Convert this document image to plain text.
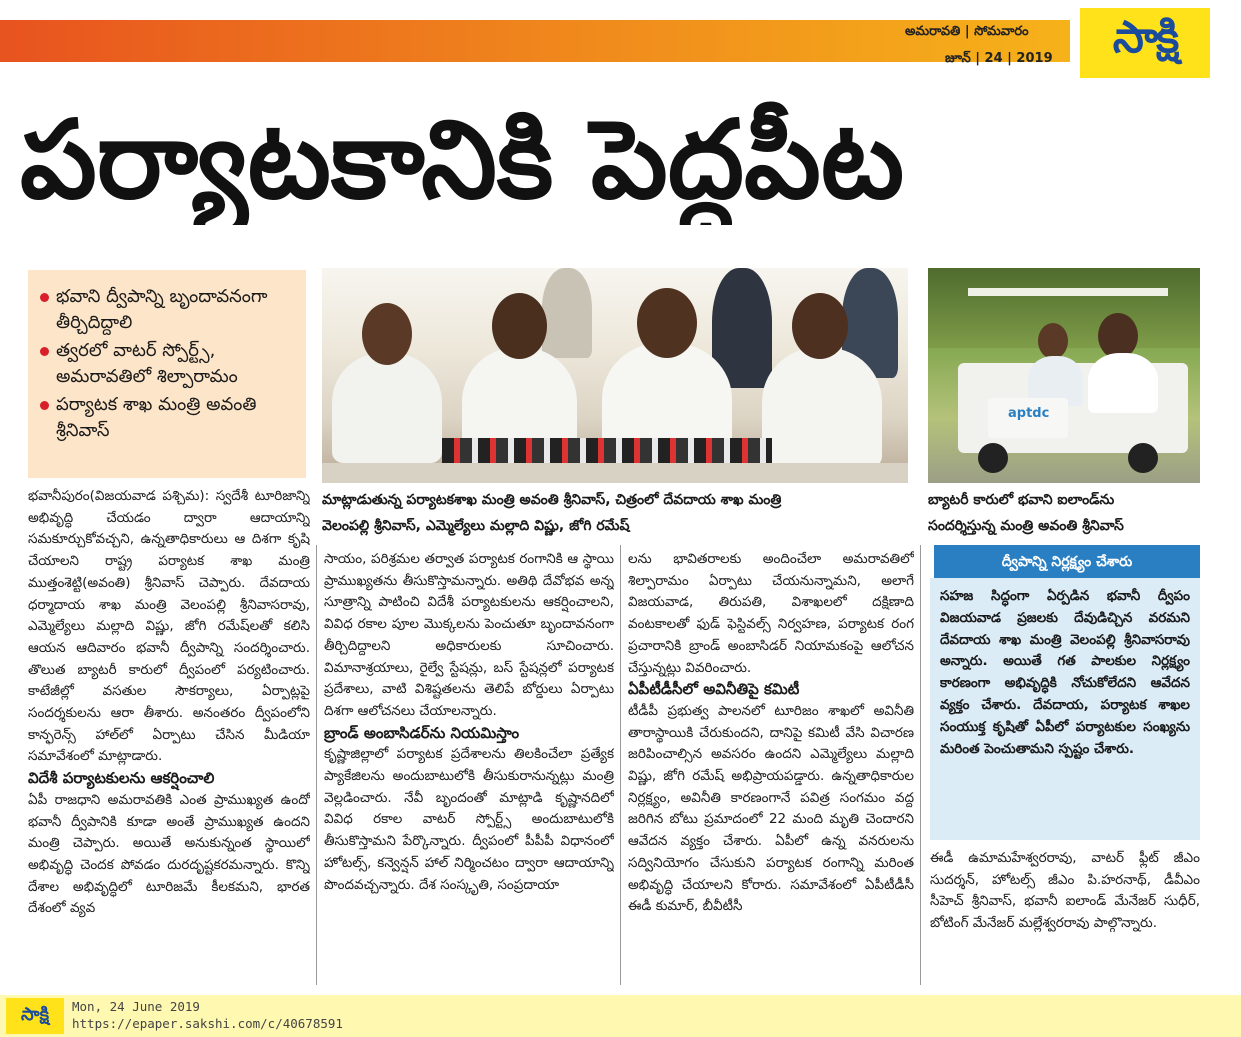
అమరావతి | సోమవారం
జూన్ | 24 | 2019	సాక్షి
పర్యాటకానికి పెద్దపీట
భవాని ద్వీపాన్ని బృందావనంగా తీర్చిదిద్దాలి
త్వరలో వాటర్ స్పోర్ట్స్, అమరావతిలో శిల్పారామం
పర్యాటక శాఖ మంత్రి అవంతి శ్రీనివాస్
aptdc
మాట్లాడుతున్న పర్యాటకశాఖ మంత్రి అవంతి శ్రీనివాస్, చిత్రంలో దేవదాయ శాఖ మంత్రి
వెలంపల్లి శ్రీనివాస్, ఎమ్మెల్యేలు మల్లాది విష్ణు, జోగి రమేష్
బ్యాటరీ కారులో భవాని ఐలాండ్‌ను
సందర్శిస్తున్న మంత్రి అవంతి శ్రీనివాస్

భవానీపురం(విజయవాడ పశ్చిమ): స్వదేశీ టూరిజాన్ని అభివృద్ధి చేయడం ద్వారా ఆదాయాన్ని సమకూర్చుకోవచ్చని, ఉన్నతాధికారులు ఆ దిశగా కృషి చేయాలని రాష్ట్ర పర్యాటక శాఖ మంత్రి ముత్తంశెట్టి(అవంతి) శ్రీనివాస్ చెప్పారు. దేవదాయ ధర్మాదాయ శాఖ మంత్రి వెలంపల్లి శ్రీనివాసరావు, ఎమ్మెల్యేలు మల్లాది విష్ణు, జోగి రమేష్‌లతో కలిసి ఆయన ఆదివారం భవానీ ద్వీపాన్ని సందర్శించారు. తొలుత బ్యాటరీ కారులో ద్వీపంలో పర్యటించారు. కాటేజీల్లో వసతుల సౌకర్యాలు, ఏర్పాట్లపై సందర్శకులను ఆరా తీశారు. అనంతరం ద్వీపంలోని కాన్ఫరెన్స్ హాల్‌లో ఏర్పాటు చేసిన మీడియా సమావేశంలో మాట్లాడారు.

విదేశీ పర్యాటకులను ఆకర్షించాలి

ఏపీ రాజధాని అమరావతికి ఎంత ప్రాముఖ్యత ఉందో భవానీ ద్వీపానికి కూడా అంతే ప్రాముఖ్యత ఉందని మంత్రి చెప్పారు. అయితే అనుకున్నంత స్థాయిలో అభివృద్ధి చెందక పోవడం దురదృష్టకరమన్నారు. కొన్ని దేశాల అభివృద్ధిలో టూరిజమే కీలకమని, భారత దేశంలో వ్యవ

సాయం, పరిశ్రమల తర్వాత పర్యాటక రంగానికి ఆ స్థాయి ప్రాముఖ్యతను తీసుకొస్తామన్నారు. అతిథి దేవోభవ అన్న సూత్రాన్ని పాటించి విదేశీ పర్యాటకులను ఆకర్షించాలని, వివిధ రకాల పూల మొక్కలను పెంచుతూ బృందావనంగా తీర్చిదిద్దాలని అధికారులకు సూచించారు. విమానాశ్రయాలు, రైల్వే స్టేషన్లు, బస్ స్టేషన్లలో పర్యాటక ప్రదేశాలు, వాటి విశిష్టతలను తెలిపే బోర్డులు ఏర్పాటు దిశగా ఆలోచనలు చేయాలన్నారు.

బ్రాండ్ అంబాసిడర్‌ను నియమిస్తాం

కృష్ణాజిల్లాలో పర్యాటక ప్రదేశాలను తిలకించేలా ప్రత్యేక ప్యాకేజిలను అందుబాటులోకి తీసుకురానున్నట్లు మంత్రి వెల్లడించారు. నేవీ బృందంతో మాట్లాడి కృష్ణానదిలో వివిధ రకాల వాటర్ స్పోర్ట్స్ అందుబాటులోకి తీసుకొస్తామని పేర్కొన్నారు. ద్వీపంలో పీపీపీ విధానంలో హోటల్స్, కన్వెన్షన్ హాల్ నిర్మించటం ద్వారా ఆదాయాన్ని పొందవచ్చన్నారు. దేశ సంస్కృతి, సంప్రదాయా

లను భావితరాలకు అందించేలా అమరావతిలో శిల్పారామం ఏర్పాటు చేయనున్నామని, అలాగే విజయవాడ, తిరుపతి, విశాఖలలో దక్షిణాది వంటకాలతో ఫుడ్ ఫెస్టివల్స్ నిర్వహణ, పర్యాటక రంగ ప్రచారానికి బ్రాండ్ అంబాసిడర్ నియామకంపై ఆలోచన చేస్తున్నట్లు వివరించారు.

ఏపీటీడీసీలో అవినీతిపై కమిటీ

టీడీపీ ప్రభుత్వ పాలనలో టూరిజం శాఖలో అవినీతి తారాస్థాయికి చేరుకుందని, దానిపై కమిటీ వేసి విచారణ జరిపించాల్సిన అవసరం ఉందని ఎమ్మెల్యేలు మల్లాది విష్ణు, జోగి రమేష్ అభిప్రాయపడ్డారు. ఉన్నతాధికారుల నిర్లక్ష్యం, అవినీతి కారణంగానే పవిత్ర సంగమం వద్ద జరిగిన బోటు ప్రమాదంలో 22 మంది మృతి చెందారని ఆవేదన వ్యక్తం చేశారు. ఏపీలో ఉన్న వనరులను సద్వినియోగం చేసుకుని పర్యాటక రంగాన్ని మరింత అభివృద్ధి చేయాలని కోరారు. సమావేశంలో ఏపీటీడీసీ ఈడీ కుమార్, బీవీటీసీ

ద్వీపాన్ని నిర్లక్ష్యం చేశారు

సహజ సిద్ధంగా ఏర్పడిన భవానీ ద్వీపం విజయవాడ ప్రజలకు దేవుడిచ్చిన వరమని దేవదాయ శాఖ మంత్రి వెలంపల్లి శ్రీనివాసరావు అన్నారు. అయితే గత పాలకుల నిర్లక్ష్యం కారణంగా అభివృద్ధికి నోచుకోలేదని ఆవేదన వ్యక్తం చేశారు. దేవదాయ, పర్యాటక శాఖల సంయుక్త కృషితో ఏపీలో పర్యాటకుల సంఖ్యను మరింత పెంచుతామని స్పష్టం చేశారు.

ఈడీ ఉమామహేశ్వరరావు, వాటర్ ఫ్లీట్ జీఎం సుదర్శన్, హోటల్స్ జీఎం పి.హరనాథ్, డీవీఎం సీహెచ్ శ్రీనివాస్, భవానీ ఐలాండ్ మేనేజర్ సుధీర్, బోటింగ్ మేనేజర్ మల్లేశ్వరరావు పాల్గొన్నారు.

సాక్షి Mon, 24 June 2019
https://epaper.sakshi.com/c/40678591
